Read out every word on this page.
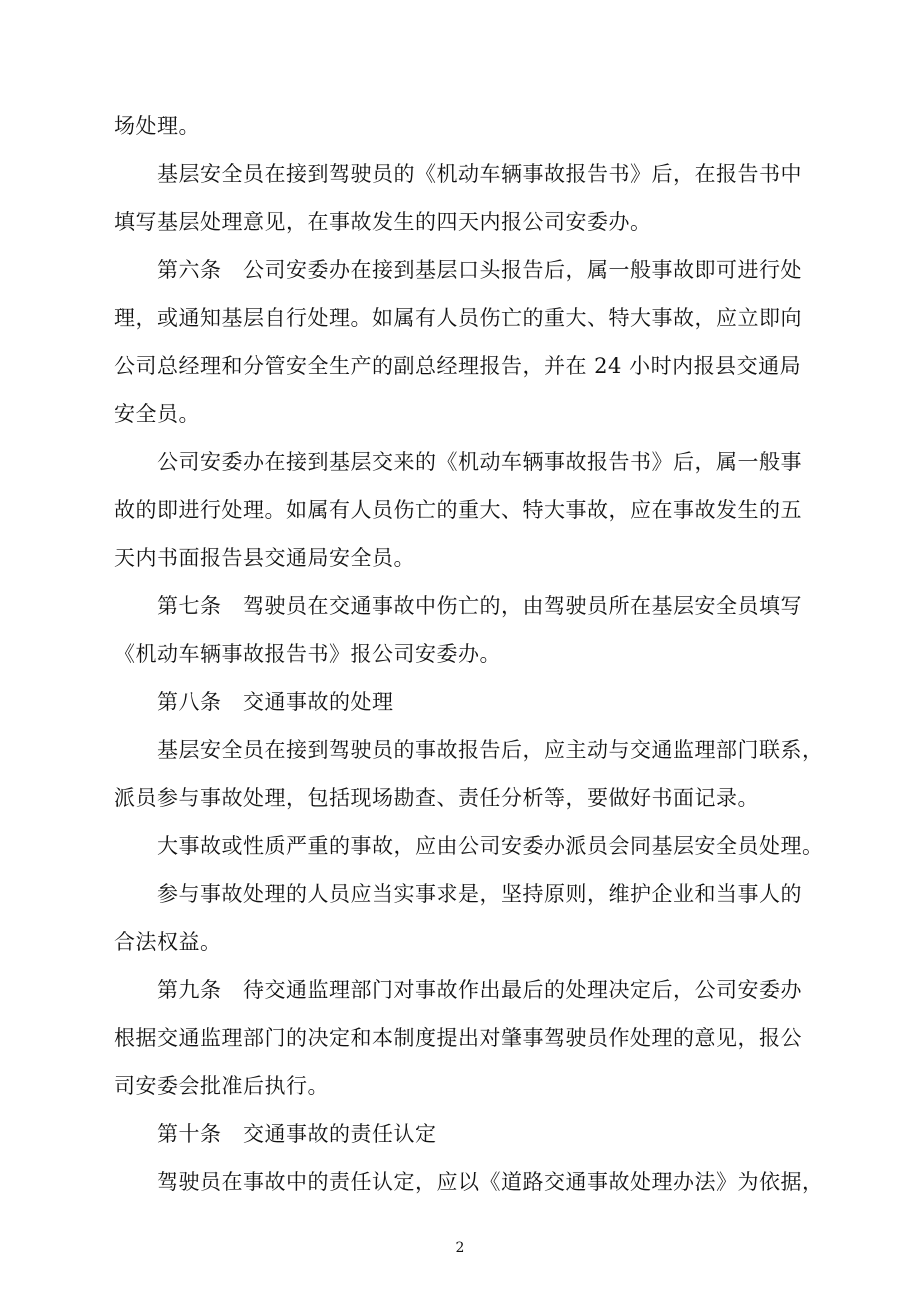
场处理。
基层安全员在接到驾驶员的《机动车辆事故报告书》后，在报告书中
填写基层处理意见，在事故发生的四天内报公司安委办。
第六条　公司安委办在接到基层口头报告后，属一般事故即可进行处
理，或通知基层自行处理。如属有人员伤亡的重大、特大事故，应立即向
公司总经理和分管安全生产的副总经理报告，并在 24 小时内报县交通局
安全员。
公司安委办在接到基层交来的《机动车辆事故报告书》后，属一般事
故的即进行处理。如属有人员伤亡的重大、特大事故，应在事故发生的五
天内书面报告县交通局安全员。
第七条　驾驶员在交通事故中伤亡的，由驾驶员所在基层安全员填写
《机动车辆事故报告书》报公司安委办。
第八条　交通事故的处理
基层安全员在接到驾驶员的事故报告后，应主动与交通监理部门联系，
派员参与事故处理，包括现场勘查、责任分析等，要做好书面记录。
大事故或性质严重的事故，应由公司安委办派员会同基层安全员处理。
参与事故处理的人员应当实事求是，坚持原则，维护企业和当事人的
合法权益。
第九条　待交通监理部门对事故作出最后的处理决定后，公司安委办
根据交通监理部门的决定和本制度提出对肇事驾驶员作处理的意见，报公
司安委会批准后执行。
第十条　交通事故的责任认定
驾驶员在事故中的责任认定，应以《道路交通事故处理办法》为依据，
2
